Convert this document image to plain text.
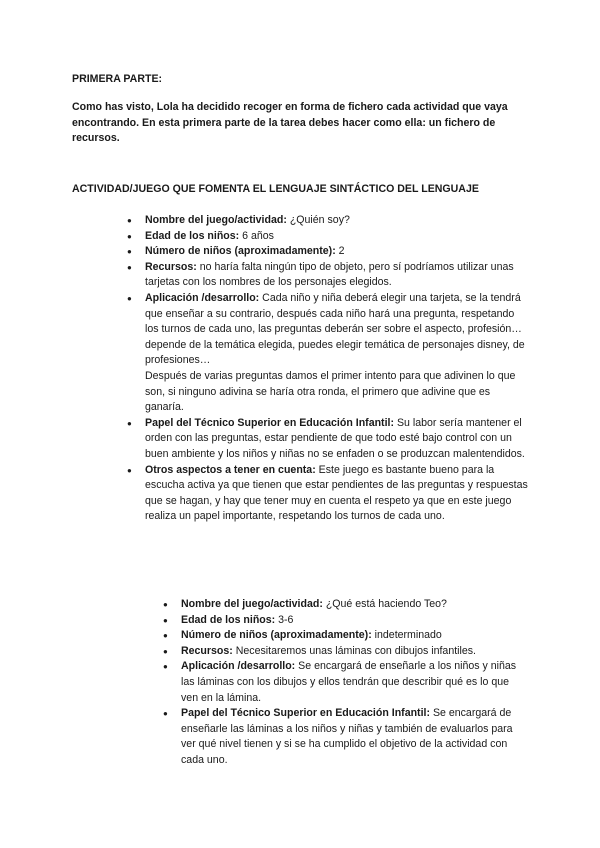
PRIMERA PARTE:
Como has visto, Lola ha decidido recoger en forma de fichero cada actividad que vaya encontrando. En esta primera parte de la tarea debes hacer como ella: un fichero de recursos.
ACTIVIDAD/JUEGO QUE FOMENTA EL LENGUAJE SINTÁCTICO DEL LENGUAJE
● Nombre del juego/actividad: ¿Quién soy?
● Edad de los niños: 6 años
● Número de niños (aproximadamente): 2
● Recursos: no haría falta ningún tipo de objeto, pero sí podríamos utilizar unas tarjetas con los nombres de los personajes elegidos.
● Aplicación /desarrollo: Cada niño y niña deberá elegir una tarjeta, se la tendrá que enseñar a su contrario, después cada niño hará una pregunta, respetando los turnos de cada uno, las preguntas deberán ser sobre el aspecto, profesión… depende de la temática elegida, puedes elegir temática de personajes disney, de profesiones…
Después de varias preguntas damos el primer intento para que adivinen lo que son, si ninguno adivina se haría otra ronda, el primero que adivine que es ganaría.
● Papel del Técnico Superior en Educación Infantil: Su labor sería mantener el orden con las preguntas, estar pendiente de que todo esté bajo control con un buen ambiente y los niños y niñas no se enfaden o se produzcan malentendidos.
● Otros aspectos a tener en cuenta: Este juego es bastante bueno para la escucha activa ya que tienen que estar pendientes de las preguntas y respuestas que se hagan, y hay que tener muy en cuenta el respeto ya que en este juego realiza un papel importante, respetando los turnos de cada uno.
● Nombre del juego/actividad: ¿Qué está haciendo Teo?
● Edad de los niños: 3-6
● Número de niños (aproximadamente): indeterminado
● Recursos: Necesitaremos unas láminas con dibujos infantiles.
● Aplicación /desarrollo: Se encargará de enseñarle a los niños y niñas las láminas con los dibujos y ellos tendrán que describir qué es lo que ven en la lámina.
● Papel del Técnico Superior en Educación Infantil: Se encargará de enseñarle las láminas a los niños y niñas y también de evaluarlos para ver qué nivel tienen y si se ha cumplido el objetivo de la actividad con cada uno.
